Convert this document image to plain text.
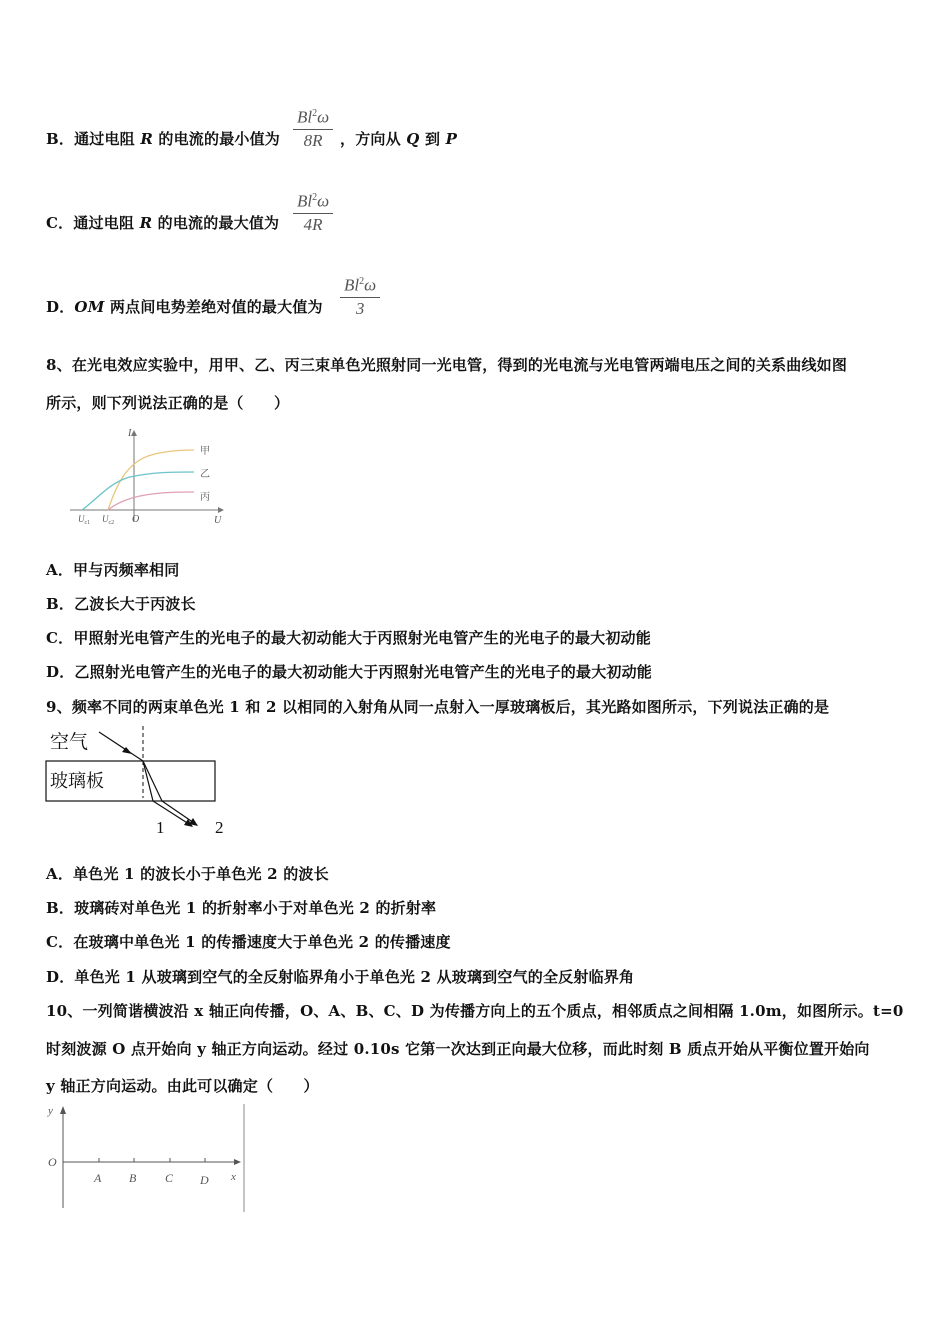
B．通过电阻 R 的电流的最小值为
Bl$^2$ω
8R	，方向从 Q 到 P
C．通过电阻 R 的电流的最大值为
Bl$^2$ω
4R
D．OM 两点间电势差绝对值的最大值为
Bl$^2$ω
3
8、在光电效应实验中，用甲、乙、丙三束单色光照射同一光电管，得到的光电流与光电管两端电压之间的关系曲线如图
所示，则下列说法正确的是（　　）
I
U
O
$U_{c1}$ $U_{c2}$
甲
乙
丙
A．甲与丙频率相同
B．乙波长大于丙波长
C．甲照射光电管产生的光电子的最大初动能大于丙照射光电管产生的光电子的最大初动能
D．乙照射光电管产生的光电子的最大初动能大于丙照射光电管产生的光电子的最大初动能
9、频率不同的两束单色光 1 和 2 以相同的入射角从同一点射入一厚玻璃板后，其光路如图所示，下列说法正确的是
空气
玻璃板
1	2
A．单色光 1 的波长小于单色光 2 的波长
B．玻璃砖对单色光 1 的折射率小于对单色光 2 的折射率
C．在玻璃中单色光 1 的传播速度大于单色光 2 的传播速度
D．单色光 1 从玻璃到空气的全反射临界角小于单色光 2 从玻璃到空气的全反射临界角
10、一列简谐横波沿 x 轴正向传播，O、A、B、C、D 为传播方向上的五个质点，相邻质点之间相隔 1.0m，如图所示。t=0
时刻波源 O 点开始向 y 轴正方向运动。经过 0.10s 它第一次达到正向最大位移，而此时刻 B 质点开始从平衡位置开始向
y 轴正方向运动。由此可以确定（　　）
y
O
x
A B C D
